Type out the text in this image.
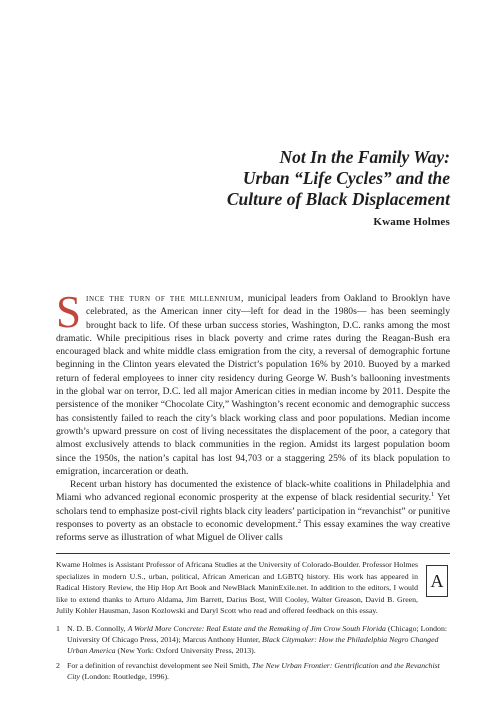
Not In the Family Way:
Urban “Life Cycles” and the
Culture of Black Displacement
Kwame Holmes

Since the turn of the millennium, municipal leaders from Oakland to Brooklyn have celebrated, as the American inner city—left for dead in the 1980s— has been seemingly brought back to life. Of these urban success stories, Washington, D.C. ranks among the most dramatic. While precipitious rises in black poverty and crime rates during the Reagan-Bush era encouraged black and white middle class emigration from the city, a reversal of demographic fortune beginning in the Clinton years elevated the District’s population 16% by 2010. Buoyed by a marked return of federal employees to inner city residency during George W. Bush’s ballooning investments in the global war on terror, D.C. led all major American cities in median income by 2011. Despite the persistence of the moniker “Chocolate City,” Washington’s recent economic and demographic success has consistently failed to reach the city’s black working class and poor populations. Median income growth’s upward pressure on cost of living necessitates the displacement of the poor, a category that almost exclusively attends to black communities in the region. Amidst its largest population boom since the 1950s, the nation’s capital has lost 94,703 or a staggering 25% of its black population to emigration, incarceration or death.

Recent urban history has documented the existence of black-white coalitions in Philadelphia and Miami who advanced regional economic prosperity at the expense of black residential security.$^1$ Yet scholars tend to emphasize post-civil rights black city leaders’ participation in “revanchist” or punitive responses to poverty as an obstacle to economic development.$^2$ This essay examines the way creative reforms serve as illustration of what Miguel de Oliver calls

A
Kwame Holmes is Assistant Professor of Africana Studies at the University of Colorado-Boulder. Professor Holmes specializes in modern U.S., urban, political, African American and LGBTQ history. His work has appeared in Radical History Review, the Hip Hop Art Book and NewBlack ManinExile.net. In addition to the editors, I would like to extend thanks to Arturo Aldama, Jim Barrett, Darius Bost, Will Cooley, Walter Greason, David B. Green, Julily Kohler Hausman, Jason Kozlowski and Daryl Scott who read and offered feedback on this essay.
1 N. D. B. Connolly, A World More Concrete: Real Estate and the Remaking of Jim Crow South Florida (Chicago; London: University Of Chicago Press, 2014); Marcus Anthony Hunter, Black Citymaker: How the Philadelphia Negro Changed Urban America (New York: Oxford University Press, 2013).
2 For a definition of revanchist development see Neil Smith, The New Urban Frontier: Gentrification and the Revanchist City (London: Routledge, 1996).
